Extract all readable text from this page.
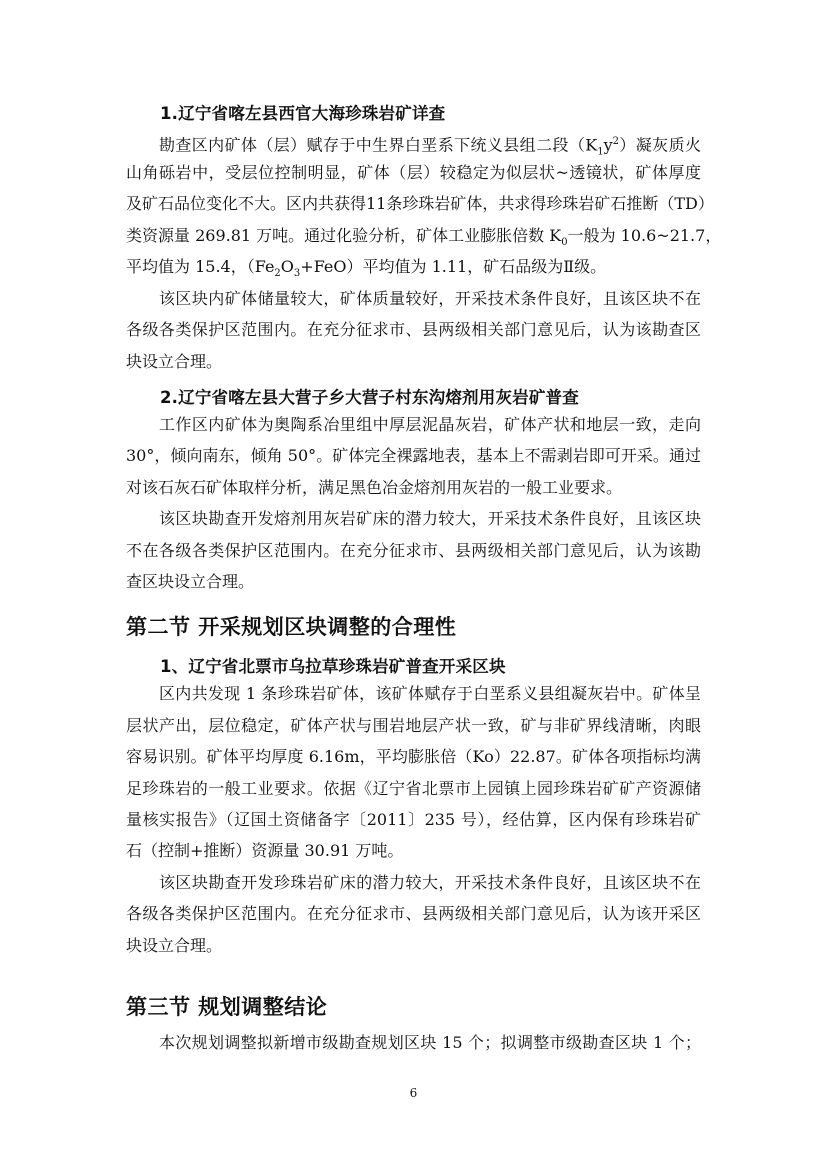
1.辽宁省喀左县西官大海珍珠岩矿详查
勘查区内矿体（层）赋存于中生界白垩系下统义县组二段$(K_1y^2)$凝灰质火
山角砾岩中，受层位控制明显，矿体（层）较稳定为似层状~透镜状，矿体厚度
及矿石品位变化不大。区内共获得11条珍珠岩矿体，共求得珍珠岩矿石推断（TD）
类资源量 269.81 万吨。通过化验分析，矿体工业膨胀倍数 $K_0$一般为 10.6~21.7，
平均值为 15.4，$(Fe_2O_3+FeO)$平均值为 1.11，矿石品级为Ⅱ级。
该区块内矿体储量较大，矿体质量较好，开采技术条件良好，且该区块不在
各级各类保护区范围内。在充分征求市、县两级相关部门意见后，认为该勘查区
块设立合理。
2.辽宁省喀左县大营子乡大营子村东沟熔剂用灰岩矿普查
工作区内矿体为奥陶系冶里组中厚层泥晶灰岩，矿体产状和地层一致，走向
30°，倾向南东，倾角 50°。矿体完全裸露地表，基本上不需剥岩即可开采。通过
对该石灰石矿体取样分析，满足黑色冶金熔剂用灰岩的一般工业要求。
该区块勘查开发熔剂用灰岩矿床的潜力较大，开采技术条件良好，且该区块
不在各级各类保护区范围内。在充分征求市、县两级相关部门意见后，认为该勘
查区块设立合理。
第二节 开采规划区块调整的合理性
1、辽宁省北票市乌拉草珍珠岩矿普查开采区块
区内共发现 1 条珍珠岩矿体，该矿体赋存于白垩系义县组凝灰岩中。矿体呈
层状产出，层位稳定，矿体产状与围岩地层产状一致，矿与非矿界线清晰，肉眼
容易识别。矿体平均厚度 6.16m，平均膨胀倍（Ko）22.87。矿体各项指标均满
足珍珠岩的一般工业要求。依据《辽宁省北票市上园镇上园珍珠岩矿矿产资源储
量核实报告》（辽国土资储备字〔2011〕235 号），经估算，区内保有珍珠岩矿
石（控制+推断）资源量 30.91 万吨。
该区块勘查开发珍珠岩矿床的潜力较大，开采技术条件良好，且该区块不在
各级各类保护区范围内。在充分征求市、县两级相关部门意见后，认为该开采区
块设立合理。
第三节 规划调整结论
本次规划调整拟新增市级勘查规划区块 15 个；拟调整市级勘查区块 1 个；
6
